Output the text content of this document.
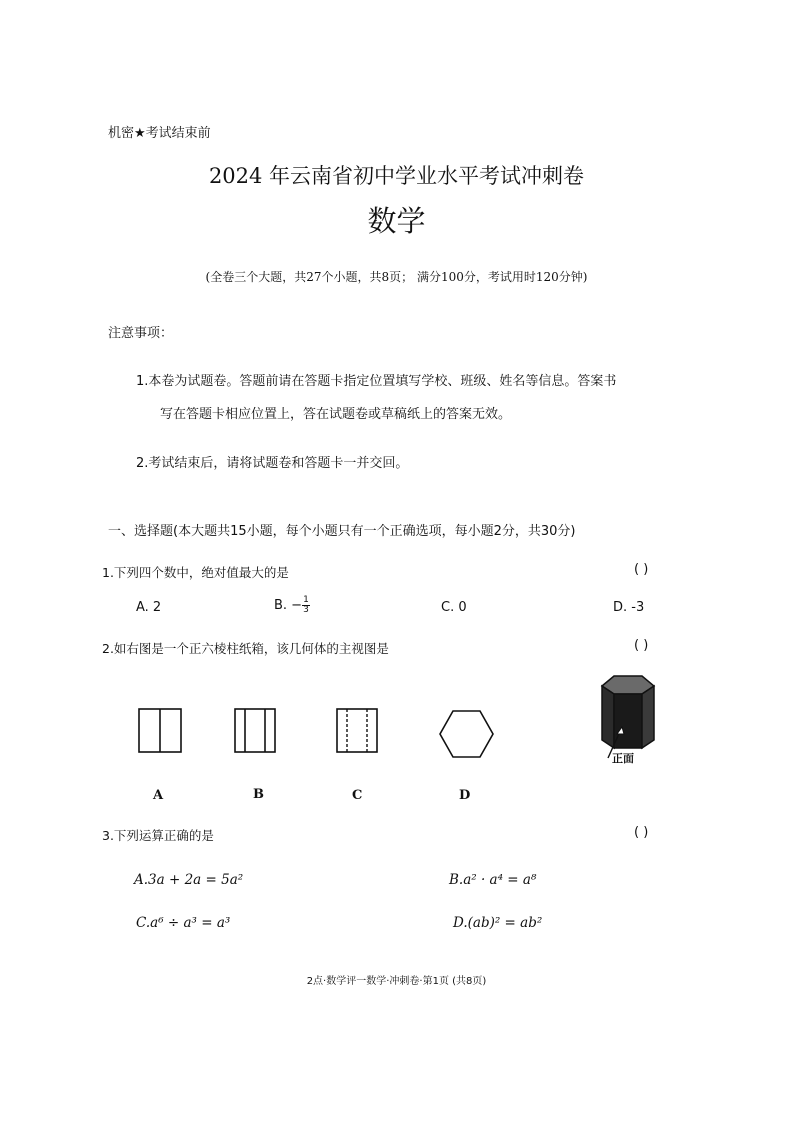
机密★考试结束前
2024 年云南省初中学业水平考试冲刺卷
数学
(全卷三个大题，共27个小题，共8页； 满分100分，考试用时120分钟)
注意事项：
1.本卷为试题卷。答题前请在答题卡指定位置填写学校、班级、姓名等信息。答案书
写在答题卡相应位置上，答在试题卷或草稿纸上的答案无效。
2.考试结束后，请将试题卷和答题卡一并交回。
一、选择题(本大题共15小题，每个小题只有一个正确选项，每小题2分，共30分)
1.下列四个数中，绝对值最大的是	( )
A. 2	B. − $\frac{1}{3}$	C. 0	D. -3
2.如右图是一个正六棱柱纸箱，该几何体的主视图是	( )
A	B	C	D
正面
3.下列运算正确的是	( )
A.3a + 2a = 5a²	B.a² · a⁴ = a⁸
C.a⁶ ÷ a³ = a³	D.(ab)² = ab²
2点·数学评一数学·冲刺卷·第1页 (共8页)
